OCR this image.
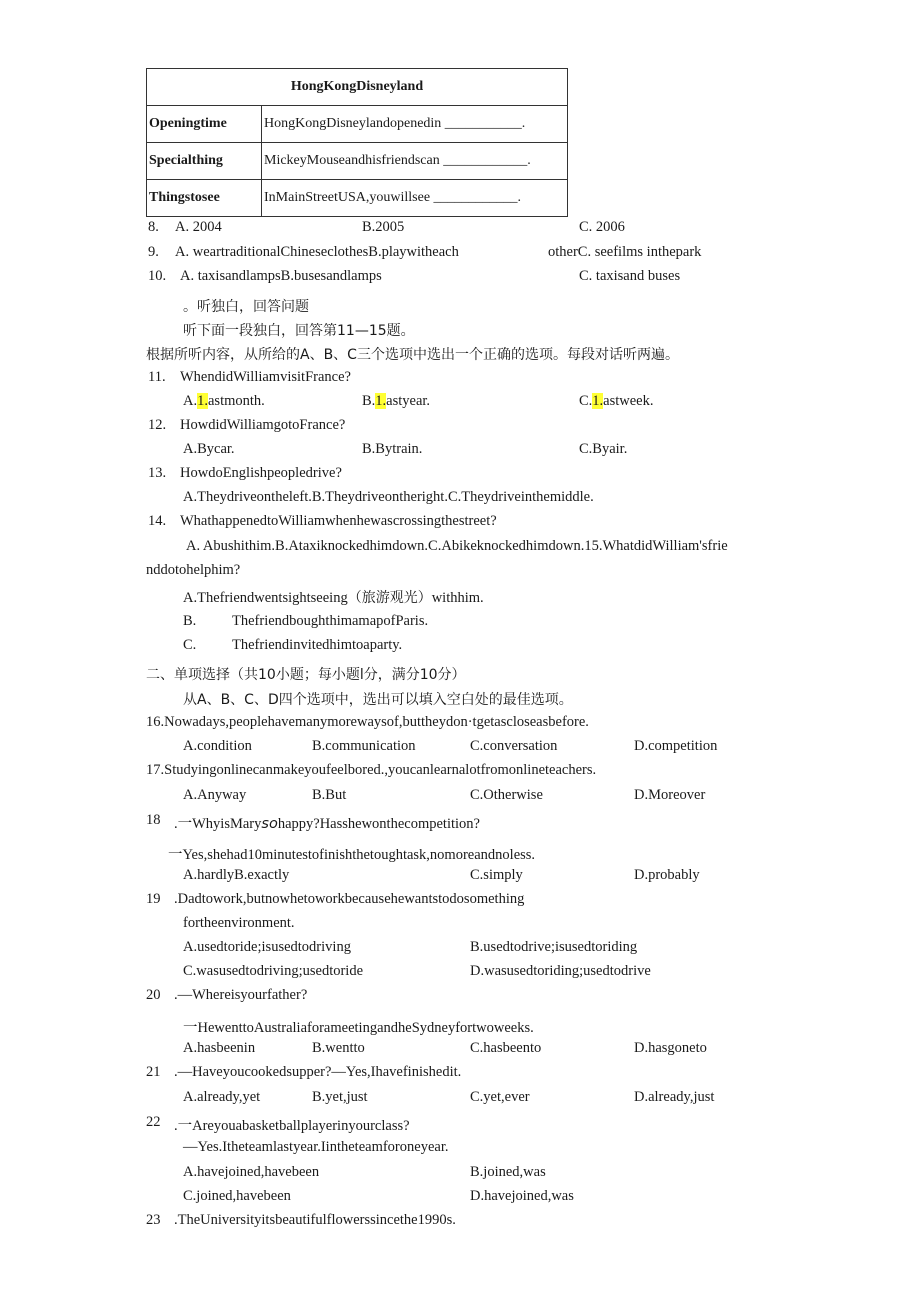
HongKongDisneyland	
Openingtime	HongKongDisneylandopenedin ___________.
Specialthing	MickeyMouseandhisfriendscan ____________.
Thingstosee	InMainStreetUSA,youwillsee ____________.
8. A. 2004	B.2005	C. 2006
9. A. weartraditionalChineseclothesB.playwitheach	otherC. seefilms inthepark
10. A. taxisandlampsB.busesandlamps	C. taxisand buses
。听独白，回答问题
听下面一段独白，回答第11—15题。
根据所听内容，从所给的A、B、C三个选项中选出一个正确的选项。每段对话听两遍。
11. WhendidWilliamvisitFrance?
A.1.astmonth.	B.1.astyear.	C.1.astweek.
12. HowdidWilliamgotoFrance?
A.Bycar.	B.Bytrain.	C.Byair.
13. HowdoEnglishpeopledrive?
A.Theydriveontheleft.B.Theydriveontheright.C.Theydriveinthemiddle.
14. WhathappenedtoWilliamwhenhewascrossingthestreet?
A. Abushithim.B.Ataxiknockedhimdown.C.Abikeknockedhimdown.15.WhatdidWilliam'sfrie
nddotohelphim?
A.Thefriendwentsightseeing（旅游观光）withhim.
B. ThefriendboughthimamapofParis.
C. Thefriendinvitedhimtoaparty.
二、单项选择（共10小题；每小题l分，满分10分）
从A、B、C、D四个选项中，选出可以填入空白处的最佳选项。
16.Nowadays,peoplehavemanymorewaysof,buttheydon·tgetascloseasbefore.
A.condition	B.communication	C.conversation	D.competition
17.Studyingonlinecanmakeyoufeelbored.,youcanlearnalotfromonlineteachers.
A.Anyway	B.But	C.Otherwise	D.Moreover
18 .一WhyisMarysohappy?Hasshewonthecompetition?
一Yes,shehad10minutestofinishthetoughtask,nomoreandnoless.
A.hardlyB.exactly	C.simply	D.probably
19 .Dadtowork,butnowhetoworkbecausehewantstodosomething
fortheenvironment.
A.usedtoride;isusedtodriving	B.usedtodrive;isusedtoriding
C.wasusedtodriving;usedtoride	D.wasusedtoriding;usedtodrive
20 .—Whereisyourfather?
一HewenttoAustraliaforameetingandheSydneyfortwoweeks.
A.hasbeenin	B.wentto	C.hasbeento	D.hasgoneto
21 .—Haveyoucookedsupper?—Yes,Ihavefinishedit.
A.already,yet	B.yet,just	C.yet,ever	D.already,just
22 .一Areyouabasketballplayerinyourclass?
—Yes.Itheteamlastyear.Iintheteamforoneyear.
A.havejoined,havebeen	B.joined,was
C.joined,havebeen	D.havejoined,was
23 .TheUniversityitsbeautifulflowerssincethe1990s.
